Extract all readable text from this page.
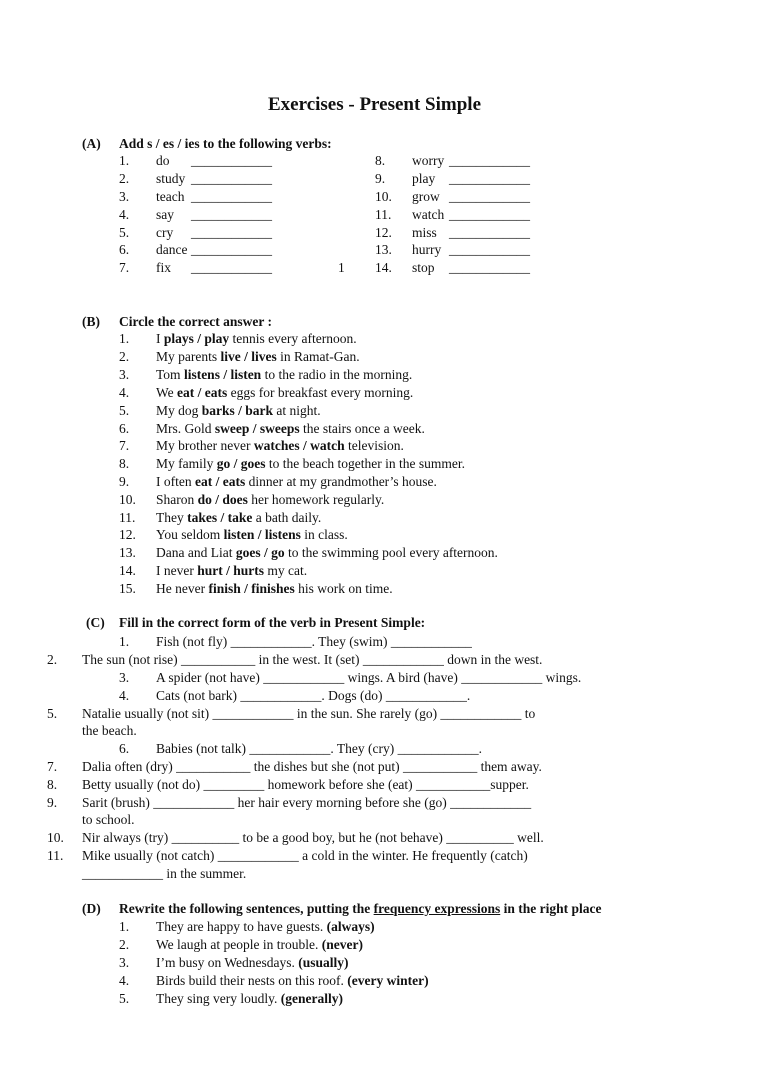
Exercises - Present Simple
(A) Add s / es / ies to the following verbs:
1. do ____________
2. study ____________
3. teach ____________
4. say ____________
5. cry ____________
6. dance ____________
7. fix ____________	1
8. worry ____________
9. play ____________
10. grow ____________
11. watch ____________
12. miss ____________
13. hurry ____________
14. stop ____________
(B) Circle the correct answer :
1. I plays / play tennis every afternoon.
2. My parents live / lives in Ramat-Gan.
3. Tom listens / listen to the radio in the morning.
4. We eat / eats eggs for breakfast every morning.
5. My dog barks / bark at night.
6. Mrs. Gold sweep / sweeps the stairs once a week.
7. My brother never watches / watch television.
8. My family go / goes to the beach together in the summer.
9. I often eat / eats dinner at my grandmother’s house.
10. Sharon do / does her homework regularly.
11. They takes / take a bath daily.
12. You seldom listen / listens in class.
13. Dana and Liat goes / go to the swimming pool every afternoon.
14. I never hurt / hurts my cat.
15. He never finish / finishes his work on time.
(C) Fill in the correct form of the verb in Present Simple:
1. Fish (not fly) ____________. They (swim) ____________
2. The sun (not rise) ___________ in the west. It (set) ____________ down in the west.
3. A spider (not have) ____________ wings. A bird (have) ____________ wings.
4. Cats (not bark) ____________. Dogs (do) ____________.
5. Natalie usually (not sit) ____________ in the sun. She rarely (go) ____________ to
the beach.
6. Babies (not talk) ____________. They (cry) ____________.
7. Dalia often (dry) ___________ the dishes but she (not put) ___________ them away.
8. Betty usually (not do) _________ homework before she (eat) ___________supper.
9. Sarit (brush) ____________ her hair every morning before she (go) ____________
to school.
10. Nir always (try) __________ to be a good boy, but he (not behave) __________ well.
11. Mike usually (not catch) ____________ a cold in the winter. He frequently (catch)
____________ in the summer.
(D) Rewrite the following sentences, putting the frequency expressions in the right place
1. They are happy to have guests. (always)
2. We laugh at people in trouble. (never)
3. I’m busy on Wednesdays. (usually)
4. Birds build their nests on this roof. (every winter)
5. They sing very loudly. (generally)
